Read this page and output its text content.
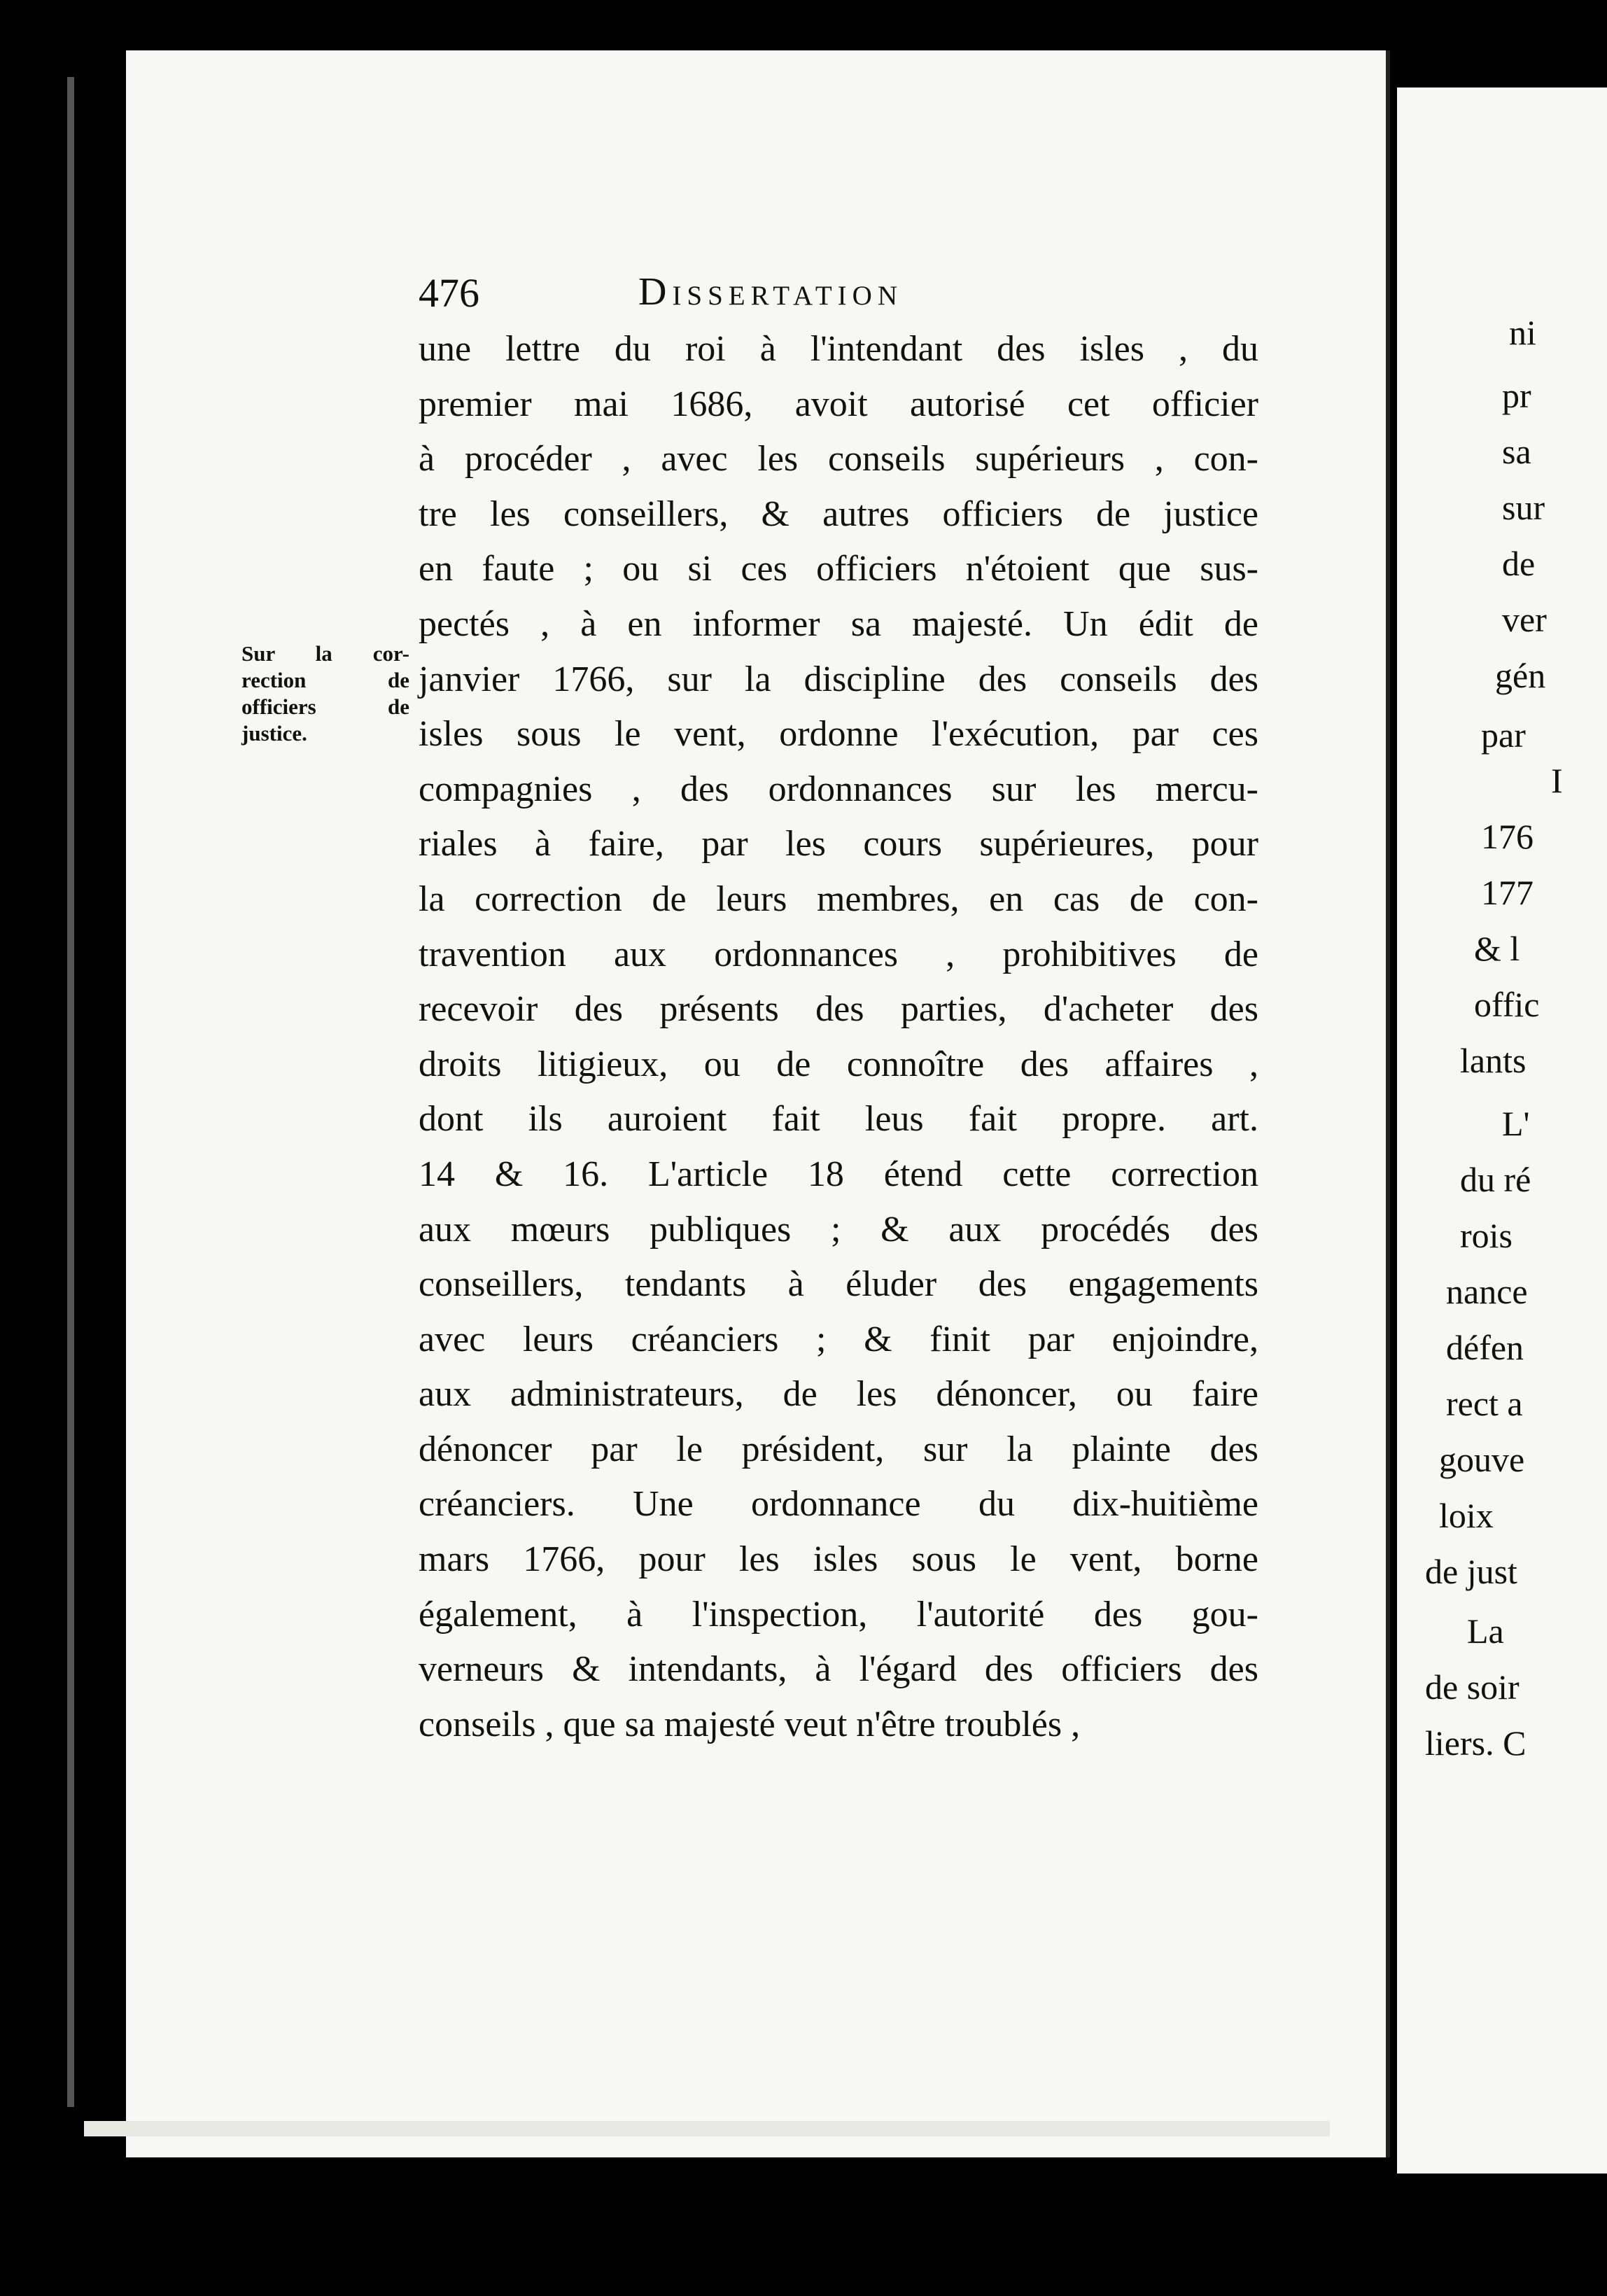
476	Dissertation
Sur la cor-
rection de
officiers de
justice.
une lettre du roi à l'intendant des isles , du
premier mai 1686, avoit autorisé cet officier
à procéder , avec les conseils supérieurs , con-
tre les conseillers, & autres officiers de justice
en faute ; ou si ces officiers n'étoient que sus-
pectés , à en informer sa majesté. Un édit de
janvier 1766, sur la discipline des conseils des
isles sous le vent, ordonne l'exécution, par ces
compagnies , des ordonnances sur les mercu-
riales à faire, par les cours supérieures, pour
la correction de leurs membres, en cas de con-
travention aux ordonnances , prohibitives de
recevoir des présents des parties, d'acheter des
droits litigieux, ou de connoître des affaires ,
dont ils auroient fait leus fait propre. art.
14 & 16. L'article 18 étend cette correction
aux mœurs publiques ; & aux procédés des
conseillers, tendants à éluder des engagements
avec leurs créanciers ; & finit par enjoindre,
aux administrateurs, de les dénoncer, ou faire
dénoncer par le président, sur la plainte des
créanciers. Une ordonnance du dix-huitième
mars 1766, pour les isles sous le vent, borne
également, à l'inspection, l'autorité des gou-
verneurs & intendants, à l'égard des officiers des
conseils , que sa majesté veut n'être troublés ,
ni
pr
sa
sur
de
ver
gén
par
I
176
177
& l
offic
lants
L'
du ré
rois
nance
défen
rect a
gouve
loix
de just
La
de soir
liers. C
